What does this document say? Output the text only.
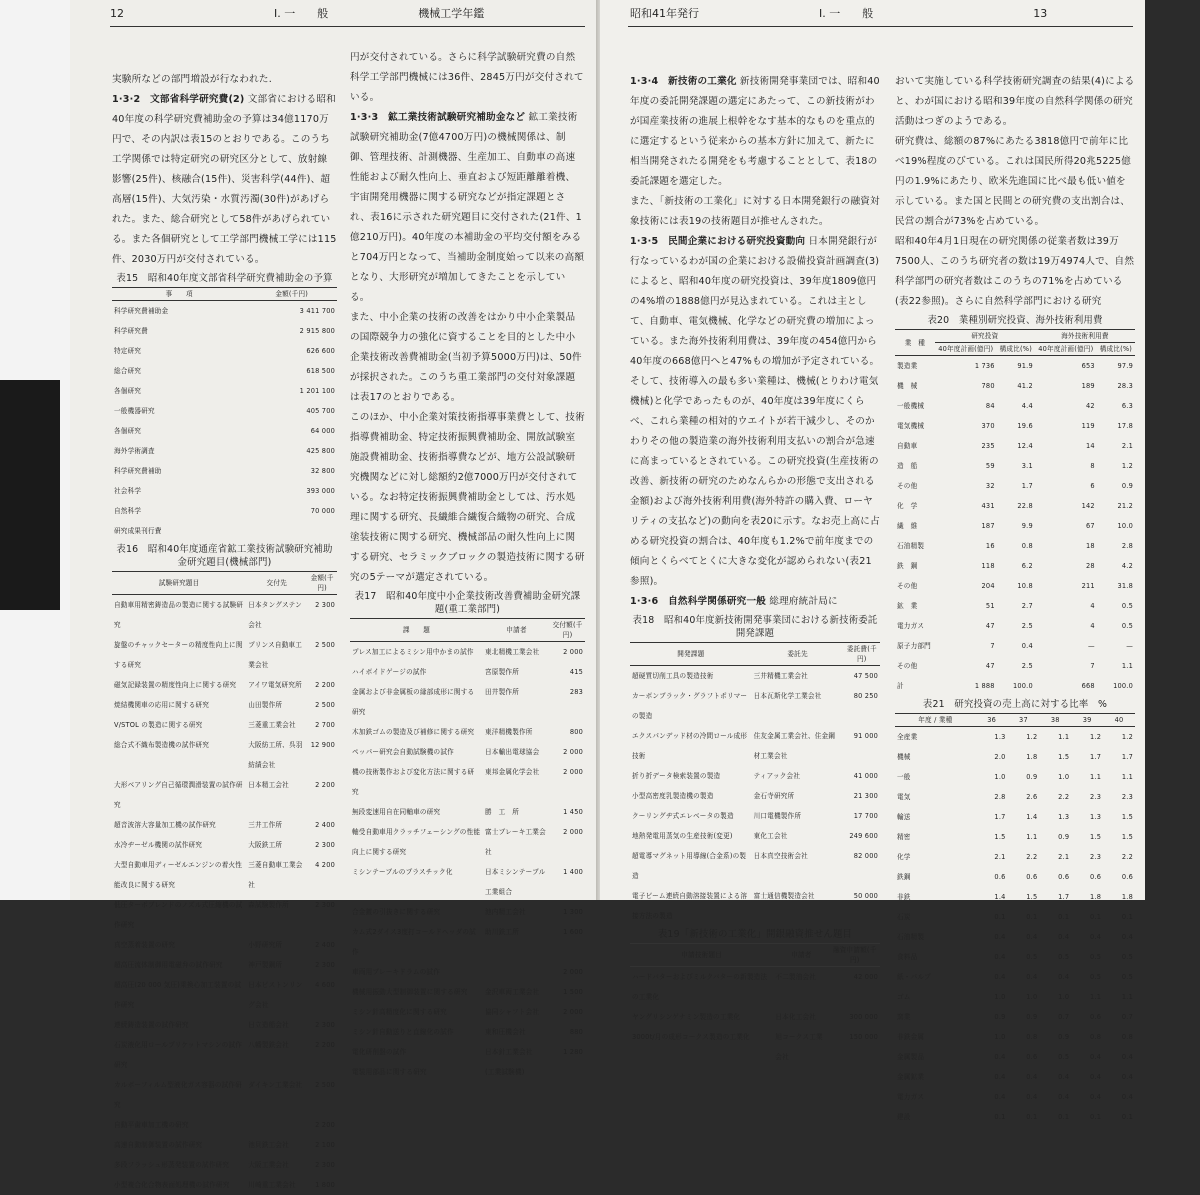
12	I. 一　　般	機械工学年鑑

実験所などの部門増設が行なわれた.

1·3·2　文部省科学研究費(2) 文部省における昭和40年度の科学研究費補助金の予算は34億1170万円で、その内訳は表15のとおりである。このうち工学関係では特定研究の研究区分として、放射線影響(25件)、核融合(15件)、災害科学(44件)、超高層(15件)、大気汚染・水質汚濁(30件)があげられた。また、総合研究として58件があげられている。また各個研究として工学部門機械工学には115件、2030万円が交付されている。

表15　昭和40年度文部省科学研究費補助金の予算
事　　項	金額(千円)
科学研究費補助金	3 411 700
科学研究費	2 915 800
特定研究	626 600
総合研究	618 500
各個研究	1 201 100
一般機器研究	405 700
各個研究	64 000
海外学術調査	425 800
科学研究費補助	32 800
社会科学	393 000
自然科学	70 000
研究成果刊行費	
表16　昭和40年度通産省鉱工業技術試験研究補助金研究題目(機械部門)
試験研究題目	交付先	金額(千円)
自動車用精密鋳造品の製造に関する試験研究	日本タングステン会社	2 300
旋盤のチャックセーターの精度性向上に関する研究	プリンス自動車工業会社	2 500
磁気記録装置の精度性向上に関する研究	アイワ電気研究所	2 200
焼結機関車の応用に関する研究	山田製作所	2 500
V/STOL の製造に関する研究	三菱重工業会社	2 700
総合式不織布製造機の試作研究	大阪紡工所、呉羽紡績会社	12 900
大形ベアリング自己循環潤滑装置の試作研究	日本精工会社	2 200
超音波溶大容量加工機の試作研究	三井工作所	2 400
水冷ヂーゼル機関の試作研究	大阪鉄工所	2 300
大型自動車用ディーゼルエンジンの着火性能改良に関する研究	三菱自動車工業会社	4 200
低圧ターボブレンドのノズル式圧縮機の試作研究	森試験製作所	2 300
真空蒸着装置の研究	小野研究所	2 400
超高圧流体制御用電磁弁の試作研究	神戸製鋼所	2 300
超高圧(20 000 気圧)乗換心加工装置の試作研究	日本ピストンリング会社	4 600
連続鋳造装置の試作研究	日立造船会社	2 300
石炭液化用ロールプリケットマシンの試作研究	八幡製鉄会社	2 200
カルボーフィルム型液化ガス容器の試作研究	ダイキン工業会社	2 500
自動平歯車加工機の研究		2 200
高速自動制御装置の試作研究	池貝鉄工会社	2 100
多段フラッシュ形蒸発装置の試作研究	大阪工業会社	2 300
小型複合化合物表面処理機の試作研究	川崎重工業会社	1 800

円が交付されている。さらに科学試験研究費の自然科学工学部門機械には36件、2845万円が交付されている。

1·3·3　鉱工業技術試験研究補助金など 鉱工業技術試験研究補助金(7億4700万円)の機械関係は、制御、管理技術、計測機器、生産加工、自動車の高速性能および耐久性向上、垂直および短距離離着機、宇宙開発用機器に関する研究などが指定課題とされ、表16に示された研究題目に交付された(21件、1億210万円)。40年度の本補助金の平均交付額をみると704万円となって、当補助金制度始って以来の高額となり、大形研究が増加してきたことを示している。

また、中小企業の技術の改善をはかり中小企業製品の国際競争力の強化に資することを目的とした中小企業技術改善費補助金(当初予算5000万円)は、50件が採択された。このうち重工業部門の交付対象課題は表17のとおりである。

このほか、中小企業対策技術指導事業費として、技術指導費補助金、特定技術振興費補助金、開放試験室施設費補助金、技術指導費などが、地方公設試験研究機関などに対し総額約2億7000万円が交付されている。なお特定技術振興費補助金としては、汚水処理に関する研究、長繊維合繊復合織物の研究、合成塗装技術に関する研究、機械部品の耐久性向上に関する研究、セラミックブロックの製造技術に関する研究の5テーマが選定されている。

表17　昭和40年度中小企業技術改善費補助金研究課題(重工業部門)
課　　題	申請者	交付額(千円)
プレス加工によるミシン用中かまの試作	東北精機工業会社	2 000
ハイボイドゲージの試作	宮原製作所	415
金属および非金属板の縁部成形に関する研究	田井製作所	283
木加鉄ゴムの製造及び補修に関する研究	東洋精機製作所	800
ペッパー研究会自動試験機の試作	日本輸出電球協会	2 000
機の技術製作および変化方法に関する研究	東邦金属化学会社	2 000
無段変速用自在同軸車の研究	勝　工　所	1 450
軸受自動車用クラッチフェーシングの性能向上に関する研究	富士ブレーキ工業会社	2 000
ミシンテーブルのプラスチック化	日本ミシンテーブル工業組合	1 400
合金鍍の引抜きに関する研究	池内精工会社	1 300
カム式2ダイス3度打コールドヘッダの試作	助川鉄工所	1 600
車両用ブレーキドラムの試作		2 000
機械用振動大型制御装置に関する研究	金沢車両工業会社	1 500
ミシン針高精度化に関する研究	協同シャフト会社	2 000
ミシン針自動送りと直線化の試作	東和圧機会社	880
電化研削盤の試作	日本針工業会社	1 280
電装用部品に関する研究	(工業試験機)	
昭和41年発行	I. 一　　般	13

1·3·4　新技術の工業化 新技術開発事業団では、昭和40年度の委託開発課題の選定にあたって、この新技術がわが国産業技術の進展上根幹をなす基本的なものを重点的に選定するという従来からの基本方針に加えて、新たに相当開発されたる開発をも考慮することとして、表18の委託課題を選定した。

また、「新技術の工業化」に対する日本開発銀行の融資対象技術には表19の技術題目が推せんされた。

1·3·5　民間企業における研究投資動向 日本開発銀行が行なっているわが国の企業における設備投資計画調査(3)によると、昭和40年度の研究投資は、39年度1809億円の4%増の1888億円が見込まれている。これは主として、自動車、電気機械、化学などの研究費の増加によっている。また海外技術利用費は、39年度の454億円から40年度の668億円へと47%もの増加が予定されている。そして、技術導入の最も多い業種は、機械(とりわけ電気機械)と化学であったものが、40年度は39年度にくらべ、これら業種の相対的ウエイトが若干減少し、そのかわりその他の製造業の海外技術利用支払いの割合が急速に高まっているとされている。この研究投資(生産技術の改善、新技術の研究のためなんらかの形態で支出される金額)および海外技術利用費(海外特許の購入費、ローヤリティの支払など)の動向を表20に示す。なお売上高に占める研究投資の割合は、40年度も1.2%で前年度までの傾向とくらべてとくに大きな変化が認められない(表21参照)。

1·3·6　自然科学関係研究一般 総理府統計局に

表18　昭和40年度新技術開発事業団における新技術委託開発課題
開発課題	委託先	委託費(千円)
超硬質切削工具の製造技術	三井精機工業会社	47 500
カーボンブラック・グラフトポリマーの製造	日本瓦斯化学工業会社	80 250
エクスパンデッド材の冷間ロール成形技術	住友金属工業会社、住金鋼材工業会社	91 000
折り折データ検索装置の製造	ティアック会社	41 000
小型高密度乳製造機の製造	金石寺研究所	21 300
クーリングヂ式エレベータの製造	川口電機製作所	17 700
地熱発電用蒸気の生産技術(変更)	東化工会社	249 600
超電導マグネット用導線(合金系)の製造	日本真空技術会社	82 000
電子ビーム連続自動溶接装置による溶接方法の製造	富士通信機製造会社	50 000
表19「新技術の工業化」開銀融資推せん題目
申請技術題目	申請者	融資申請額(千円)
ハードバターおよびミルクバターの新製造法の工業化	不二製油会社	42 000
ヤングリシンゲナミン製造の工業化	日本化工会社	300 000
3000t/月の成形コークス製造の工業化	旭コークス工業会社	150 000

おいて実施している科学技術研究調査の結果(4)によると、わが国における昭和39年度の自然科学関係の研究活動はつぎのようである。

研究費は、総額の87%にあたる3818億円で前年に比べ19%程度のびている。これは国民所得20兆5225億円の1.9%にあたり、欧米先進国に比べ最も低い値を示している。また国と民間との研究費の支出割合は、民営の割合が73%を占めている。

昭和40年4月1日現在の研究関係の従業者数は39万7500人、このうち研究者の数は19万4974人で、自然科学部門の研究者数はこのうちの71%を占めている(表22参照)。さらに自然科学部門における研究

表20　業種別研究投資、海外技術利用費
業　種	研究投資		海外技術利用費	
	40年度計画(億円)	構成比(%)	40年度計画(億円)	構成比(%)
製造業	1 736	91.9	653	97.9
機　械	780	41.2	189	28.3
一般機械	84	4.4	42	6.3
電気機械	370	19.6	119	17.8
自動車	235	12.4	14	2.1
造　船	59	3.1	8	1.2
その他	32	1.7	6	0.9
化　学	431	22.8	142	21.2
繊　維	187	9.9	67	10.0
石油精製	16	0.8	18	2.8
鉄　鋼	118	6.2	28	4.2
その他	204	10.8	211	31.8
鉱　業	51	2.7	4	0.5
電力ガス	47	2.5	4	0.5
原子力部門	7	0.4	—	—
その他	47	2.5	7	1.1
計	1 888	100.0	668	100.0
表21　研究投資の売上高に対する比率　 %
年度 / 業種	36	37	38	39	40
全産業	1.3	1.2	1.1	1.2	1.2
機械	2.0	1.8	1.5	1.7	1.7
一般	1.0	0.9	1.0	1.1	1.1
電気	2.8	2.6	2.2	2.3	2.3
輸送	1.7	1.4	1.3	1.3	1.5
精密	1.5	1.1	0.9	1.5	1.5
化学	2.1	2.2	2.1	2.3	2.2
鉄鋼	0.6	0.6	0.6	0.6	0.6
非鉄	1.4	1.5	1.7	1.8	1.8
石炭	0.1	0.1	0.1	0.1	0.1
石油精製	0.4	0.4	0.4	0.4	0.4
食料品	0.4	0.5	0.5	0.5	0.5
紙・パルプ	0.4	0.4	0.4	0.5	0.5
ゴム	1.0	1.0	1.0	1.1	1.1
窯業	0.9	0.9	0.7	0.6	0.7
非鉄金属	1.0	0.8	0.9	0.8	0.8
金属製品	0.4	0.6	0.5	0.4	0.4
金属鉱業	0.4	0.4	0.4	0.4	0.4
電力ガス	0.4	0.4	0.4	0.4	0.4
建設	0.1	0.1	0.1	0.1	0.1
